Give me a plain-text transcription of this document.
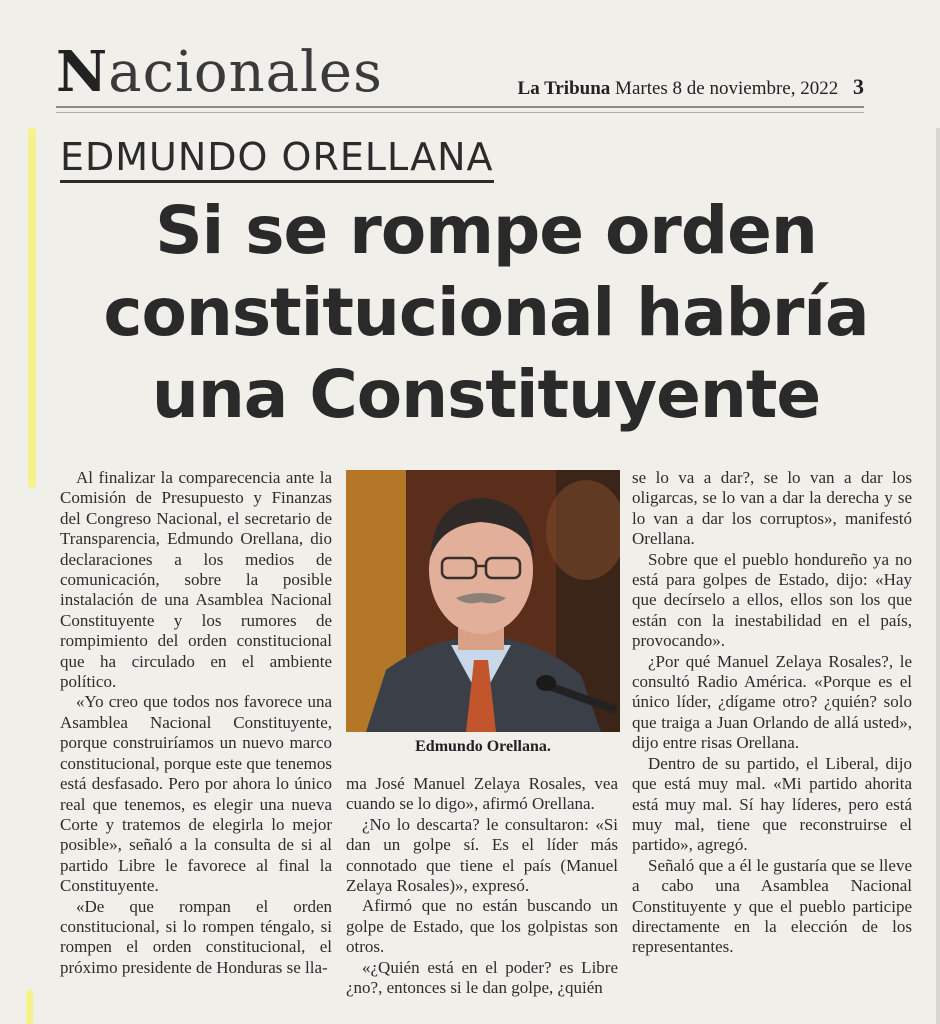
Nacionales	La Tribuna Martes 8 de noviembre, 2022 3
EDMUNDO ORELLANA
Si se rompe orden constitucional habría una Constituyente

Al finalizar la comparecencia ante la Comisión de Presupuesto y Finanzas del Congreso Nacional, el secretario de Transparencia, Edmundo Orellana, dio declaraciones a los medios de comunicación, sobre la posible instalación de una Asamblea Nacional Constituyente y los rumores de rompimiento del orden constitucional que ha circulado en el ambiente político.

«Yo creo que todos nos favorece una Asamblea Nacional Constituyente, porque construiríamos un nuevo marco constitucional, porque este que tenemos está desfasado. Pero por ahora lo único real que tenemos, es elegir una nueva Corte y tratemos de elegirla lo mejor posible», señaló a la consulta de si al partido Libre le favorece al final la Constituyente.

«De que rompan el orden constitucional, si lo rompen téngalo, si rompen el orden constitucional, el próximo presidente de Honduras se lla-

Edmundo Orellana.

ma José Manuel Zelaya Rosales, vea cuando se lo digo», afirmó Orellana.

¿No lo descarta? le consultaron: «Si dan un golpe sí. Es el líder más connotado que tiene el país (Manuel Zelaya Rosales)», expresó.

Afirmó que no están buscando un golpe de Estado, que los golpistas son otros.

«¿Quién está en el poder? es Libre ¿no?, entonces si le dan golpe, ¿quién

se lo va a dar?, se lo van a dar los oligarcas, se lo van a dar la derecha y se lo van a dar los corruptos», manifestó Orellana.

Sobre que el pueblo hondureño ya no está para golpes de Estado, dijo: «Hay que decírselo a ellos, ellos son los que están con la inestabilidad en el país, provocando».

¿Por qué Manuel Zelaya Rosales?, le consultó Radio América. «Porque es el único líder, ¿dígame otro? ¿quién? solo que traiga a Juan Orlando de allá usted», dijo entre risas Orellana.

Dentro de su partido, el Liberal, dijo que está muy mal. «Mi partido ahorita está muy mal. Sí hay líderes, pero está muy mal, tiene que reconstruirse el partido», agregó.

Señaló que a él le gustaría que se lleve a cabo una Asamblea Nacional Constituyente y que el pueblo participe directamente en la elección de los representantes.
